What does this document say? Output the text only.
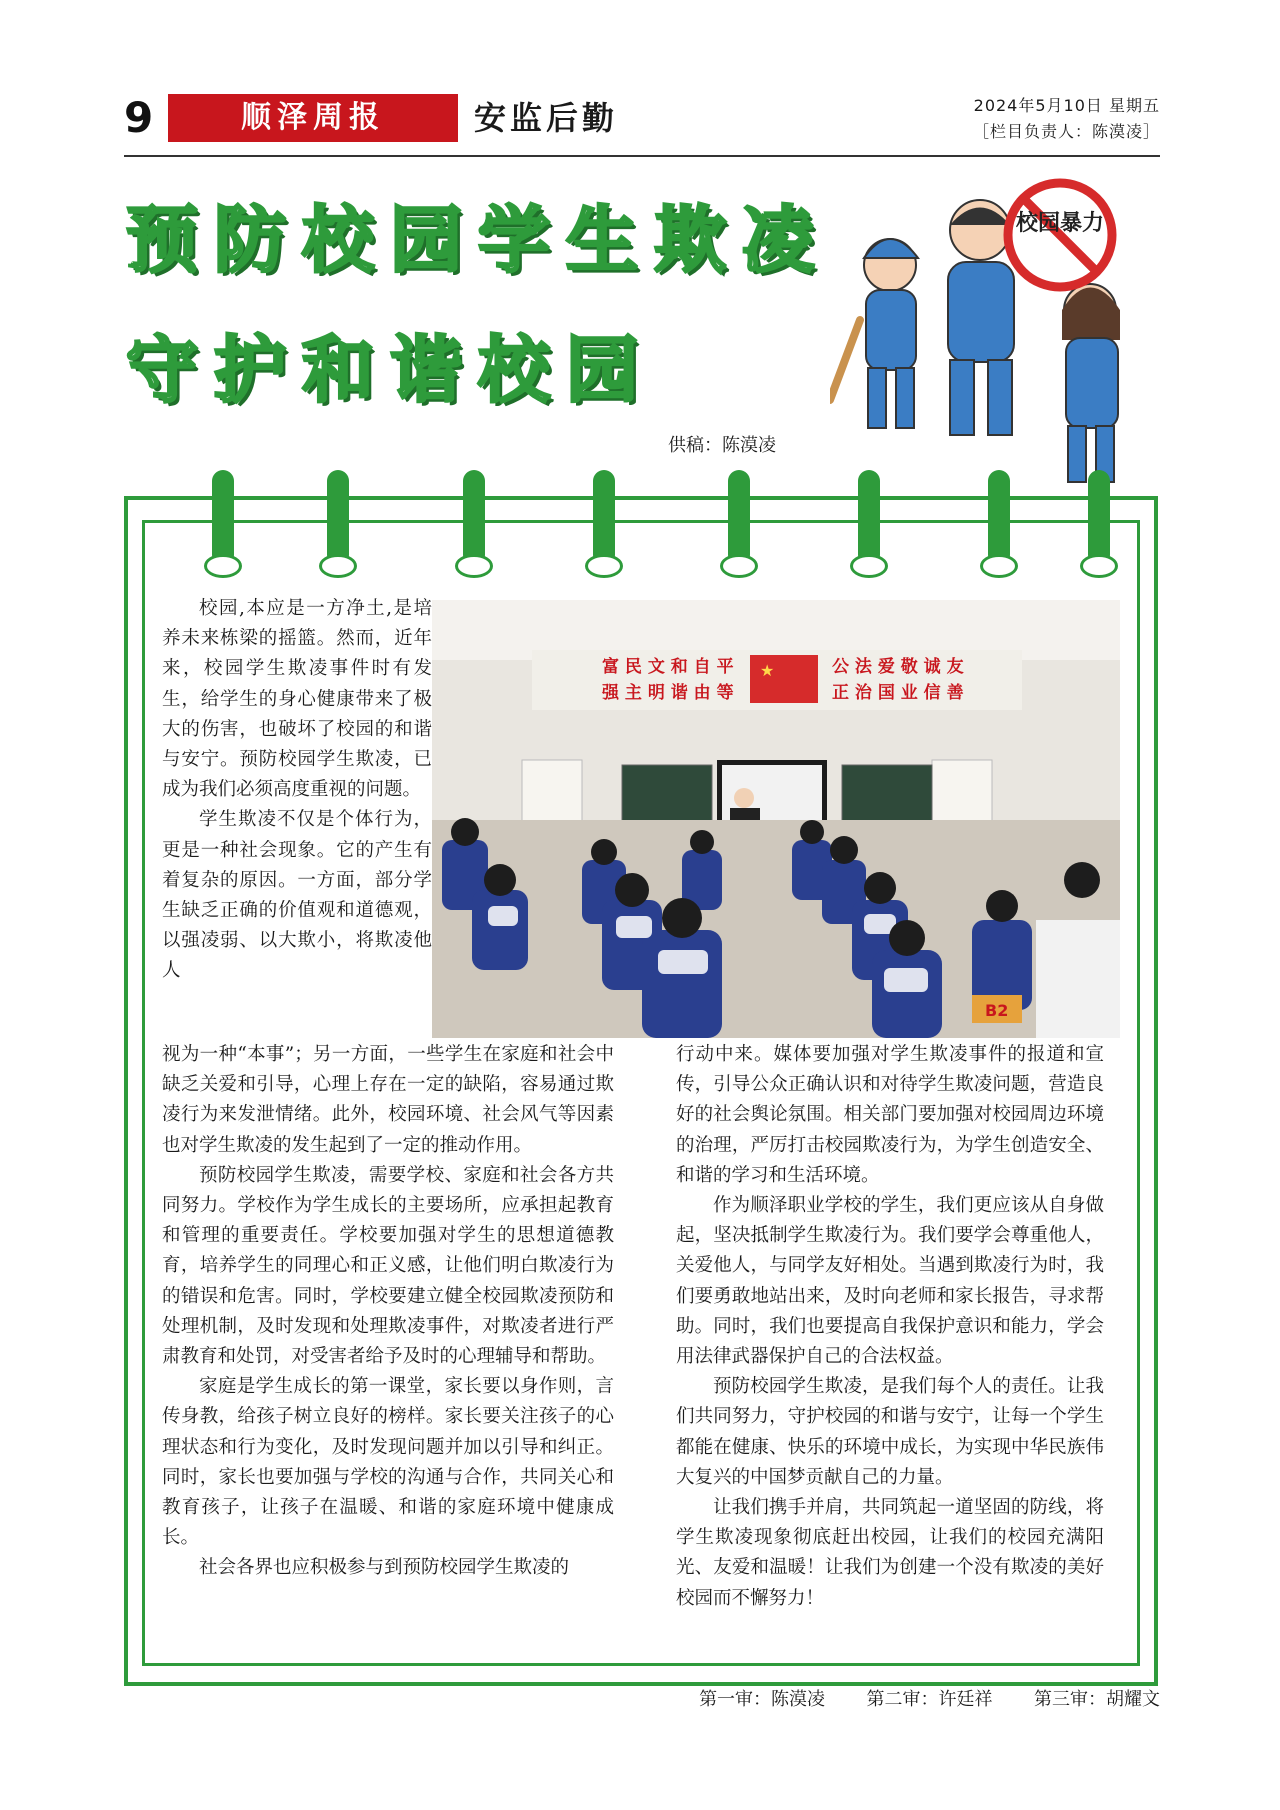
9	顺泽周报	安监后勤	2024年5月10日 星期五
［栏目负责人：陈漠凌］
预防校园学生欺凌
守护和谐校园
供稿：陈漠凌
校园暴力
富 民 文 和 自 平
强 主 明 谐 由 等
★	公 法 爱 敬 诚 友
正 治 国 业 信 善
B2

校园,本应是一方净土,是培养未来栋梁的摇篮。然而，近年来，校园学生欺凌事件时有发生，给学生的身心健康带来了极大的伤害，也破坏了校园的和谐与安宁。预防校园学生欺凌，已成为我们必须高度重视的问题。

学生欺凌不仅是个体行为，更是一种社会现象。它的产生有着复杂的原因。一方面，部分学生缺乏正确的价值观和道德观，以强凌弱、以大欺小，将欺凌他人

视为一种“本事”；另一方面，一些学生在家庭和社会中缺乏关爱和引导，心理上存在一定的缺陷，容易通过欺凌行为来发泄情绪。此外，校园环境、社会风气等因素也对学生欺凌的发生起到了一定的推动作用。

预防校园学生欺凌，需要学校、家庭和社会各方共同努力。学校作为学生成长的主要场所，应承担起教育和管理的重要责任。学校要加强对学生的思想道德教育，培养学生的同理心和正义感，让他们明白欺凌行为的错误和危害。同时，学校要建立健全校园欺凌预防和处理机制，及时发现和处理欺凌事件，对欺凌者进行严肃教育和处罚，对受害者给予及时的心理辅导和帮助。

家庭是学生成长的第一课堂，家长要以身作则，言传身教，给孩子树立良好的榜样。家长要关注孩子的心理状态和行为变化，及时发现问题并加以引导和纠正。同时，家长也要加强与学校的沟通与合作，共同关心和教育孩子，让孩子在温暖、和谐的家庭环境中健康成长。

社会各界也应积极参与到预防校园学生欺凌的

行动中来。媒体要加强对学生欺凌事件的报道和宣传，引导公众正确认识和对待学生欺凌问题，营造良好的社会舆论氛围。相关部门要加强对校园周边环境的治理，严厉打击校园欺凌行为，为学生创造安全、和谐的学习和生活环境。

作为顺泽职业学校的学生，我们更应该从自身做起，坚决抵制学生欺凌行为。我们要学会尊重他人，关爱他人，与同学友好相处。当遇到欺凌行为时，我们要勇敢地站出来，及时向老师和家长报告，寻求帮助。同时，我们也要提高自我保护意识和能力，学会用法律武器保护自己的合法权益。

预防校园学生欺凌，是我们每个人的责任。让我们共同努力，守护校园的和谐与安宁，让每一个学生都能在健康、快乐的环境中成长，为实现中华民族伟大复兴的中国梦贡献自己的力量。

让我们携手并肩，共同筑起一道坚固的防线，将学生欺凌现象彻底赶出校园，让我们的校园充满阳光、友爱和温暖！让我们为创建一个没有欺凌的美好校园而不懈努力！

第一审：陈漠凌 第二审：许廷祥 第三审：胡耀文
